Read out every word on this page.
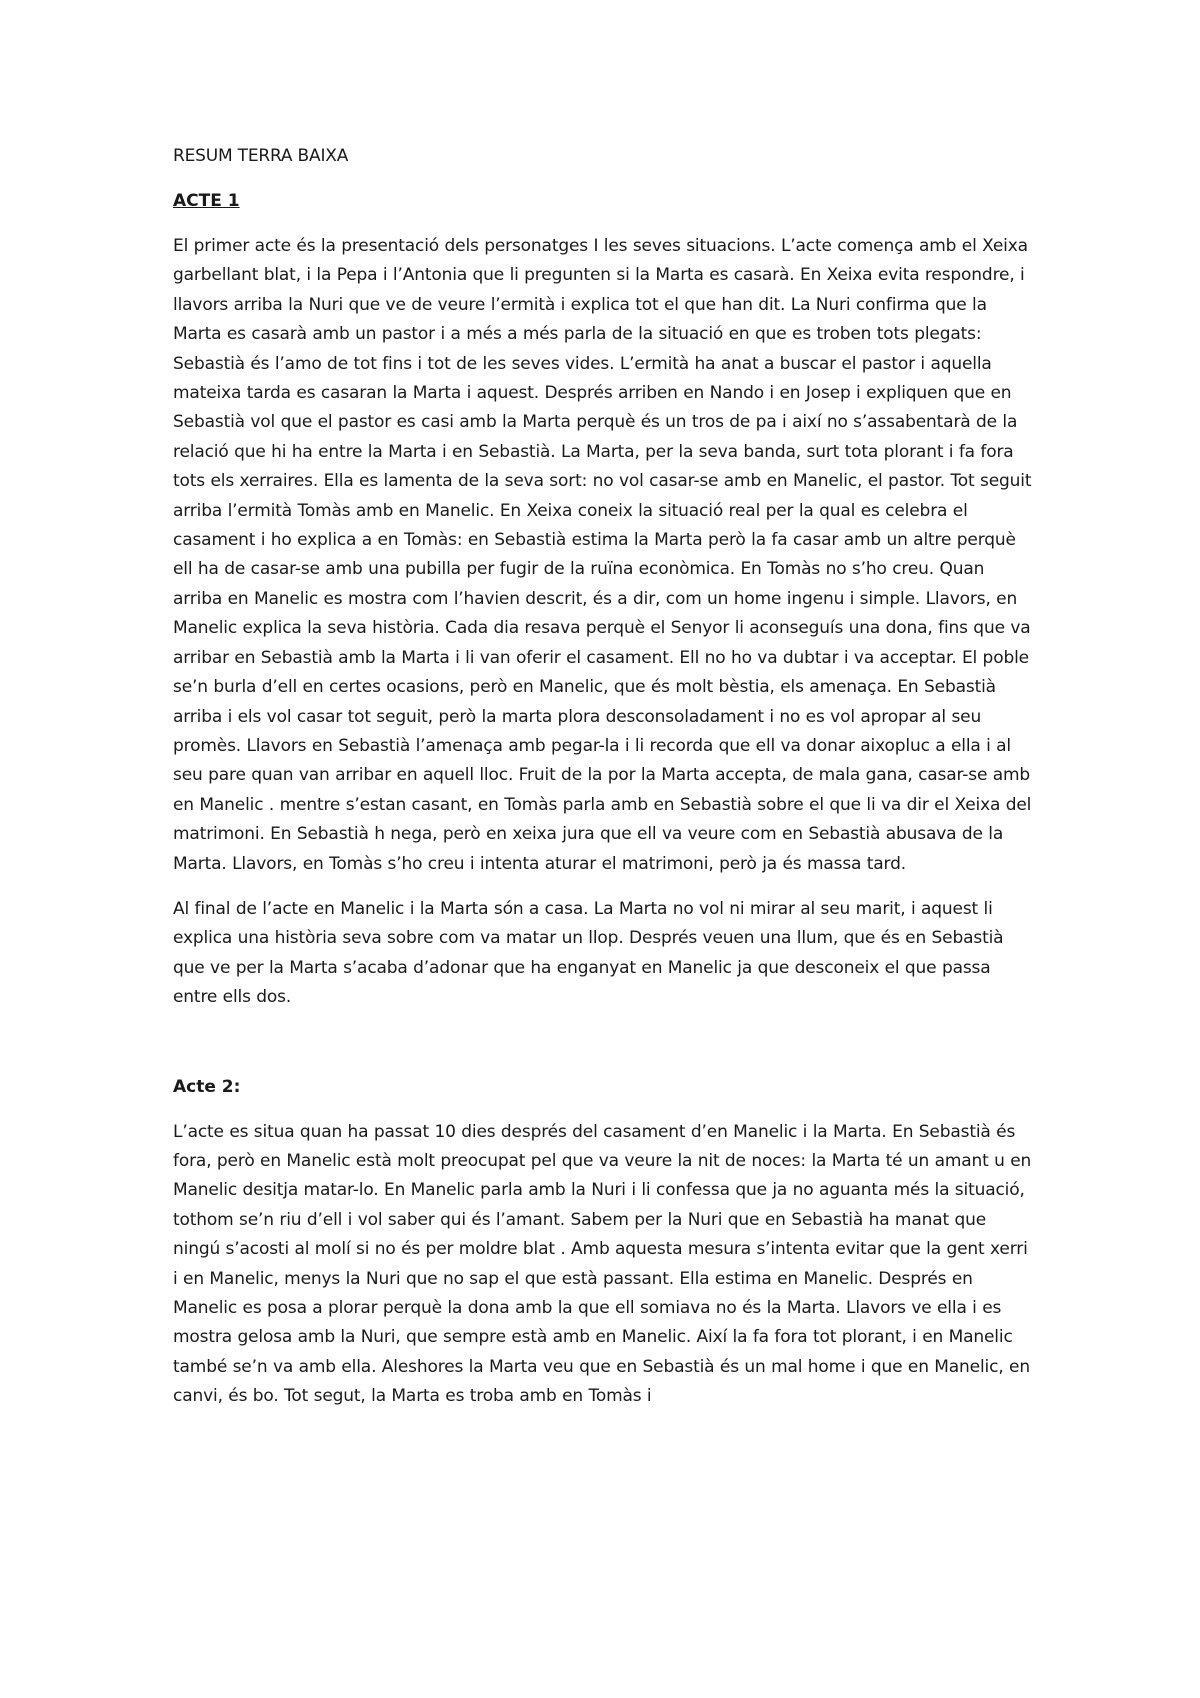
RESUM TERRA BAIXA
ACTE 1

El primer acte és la presentació dels personatges I les seves situacions. L’acte comença amb el Xeixa garbellant blat, i la Pepa i l’Antonia que li pregunten si la Marta es casarà. En Xeixa evita respondre, i llavors arriba la Nuri que ve de veure l’ermità i explica tot el que han dit. La Nuri confirma que la Marta es casarà amb un pastor i a més a més parla de la situació en que es troben tots plegats: Sebastià és l’amo de tot fins i tot de les seves vides. L’ermità ha anat a buscar el pastor i aquella mateixa tarda es casaran la Marta i aquest. Després arriben en Nando i en Josep i expliquen que en Sebastià vol que el pastor es casi amb la Marta perquè és un tros de pa i així no s’assabentarà de la relació que hi ha entre la Marta i en Sebastià. La Marta, per la seva banda, surt tota plorant i fa fora tots els xerraires. Ella es lamenta de la seva sort: no vol casar-se amb en Manelic, el pastor. Tot seguit arriba l’ermità Tomàs amb en Manelic. En Xeixa coneix la situació real per la qual es celebra el casament i ho explica a en Tomàs: en Sebastià estima la Marta però la fa casar amb un altre perquè ell ha de casar-se amb una pubilla per fugir de la ruïna econòmica. En Tomàs no s’ho creu. Quan arriba en Manelic es mostra com l’havien descrit, és a dir, com un home ingenu i simple. Llavors, en Manelic explica la seva història. Cada dia resava perquè el Senyor li aconseguís una dona, fins que va arribar en Sebastià amb la Marta i li van oferir el casament. Ell no ho va dubtar i va acceptar. El poble se’n burla d’ell en certes ocasions, però en Manelic, que és molt bèstia, els amenaça. En Sebastià arriba i els vol casar tot seguit, però la marta plora desconsoladament i no es vol apropar al seu promès. Llavors en Sebastià l’amenaça amb pegar-la i li recorda que ell va donar aixopluc a ella i al seu pare quan van arribar en aquell lloc. Fruit de la por la Marta accepta, de mala gana, casar-se amb en Manelic . mentre s’estan casant, en Tomàs parla amb en Sebastià sobre el que li va dir el Xeixa del matrimoni. En Sebastià h nega, però en xeixa jura que ell va veure com en Sebastià abusava de la Marta. Llavors, en Tomàs s’ho creu i intenta aturar el matrimoni, però ja és massa tard.

Al final de l’acte en Manelic i la Marta són a casa. La Marta no vol ni mirar al seu marit, i aquest li explica una història seva sobre com va matar un llop. Després veuen una llum, que és en Sebastià que ve per la Marta s’acaba d’adonar que ha enganyat en Manelic ja que desconeix el que passa entre ells dos.

Acte 2:

L’acte es situa quan ha passat 10 dies després del casament d’en Manelic i la Marta. En Sebastià és fora, però en Manelic està molt preocupat pel que va veure la nit de noces: la Marta té un amant u en Manelic desitja matar-lo. En Manelic parla amb la Nuri i li confessa que ja no aguanta més la situació, tothom se’n riu d’ell i vol saber qui és l’amant. Sabem per la Nuri que en Sebastià ha manat que ningú s’acosti al molí si no és per moldre blat . Amb aquesta mesura s’intenta evitar que la gent xerri i en Manelic, menys la Nuri que no sap el que està passant. Ella estima en Manelic. Després en Manelic es posa a plorar perquè la dona amb la que ell somiava no és la Marta. Llavors ve ella i es mostra gelosa amb la Nuri, que sempre està amb en Manelic. Així la fa fora tot plorant, i en Manelic també se’n va amb ella. Aleshores la Marta veu que en Sebastià és un mal home i que en Manelic, en canvi, és bo. Tot segut, la Marta es troba amb en Tomàs i
